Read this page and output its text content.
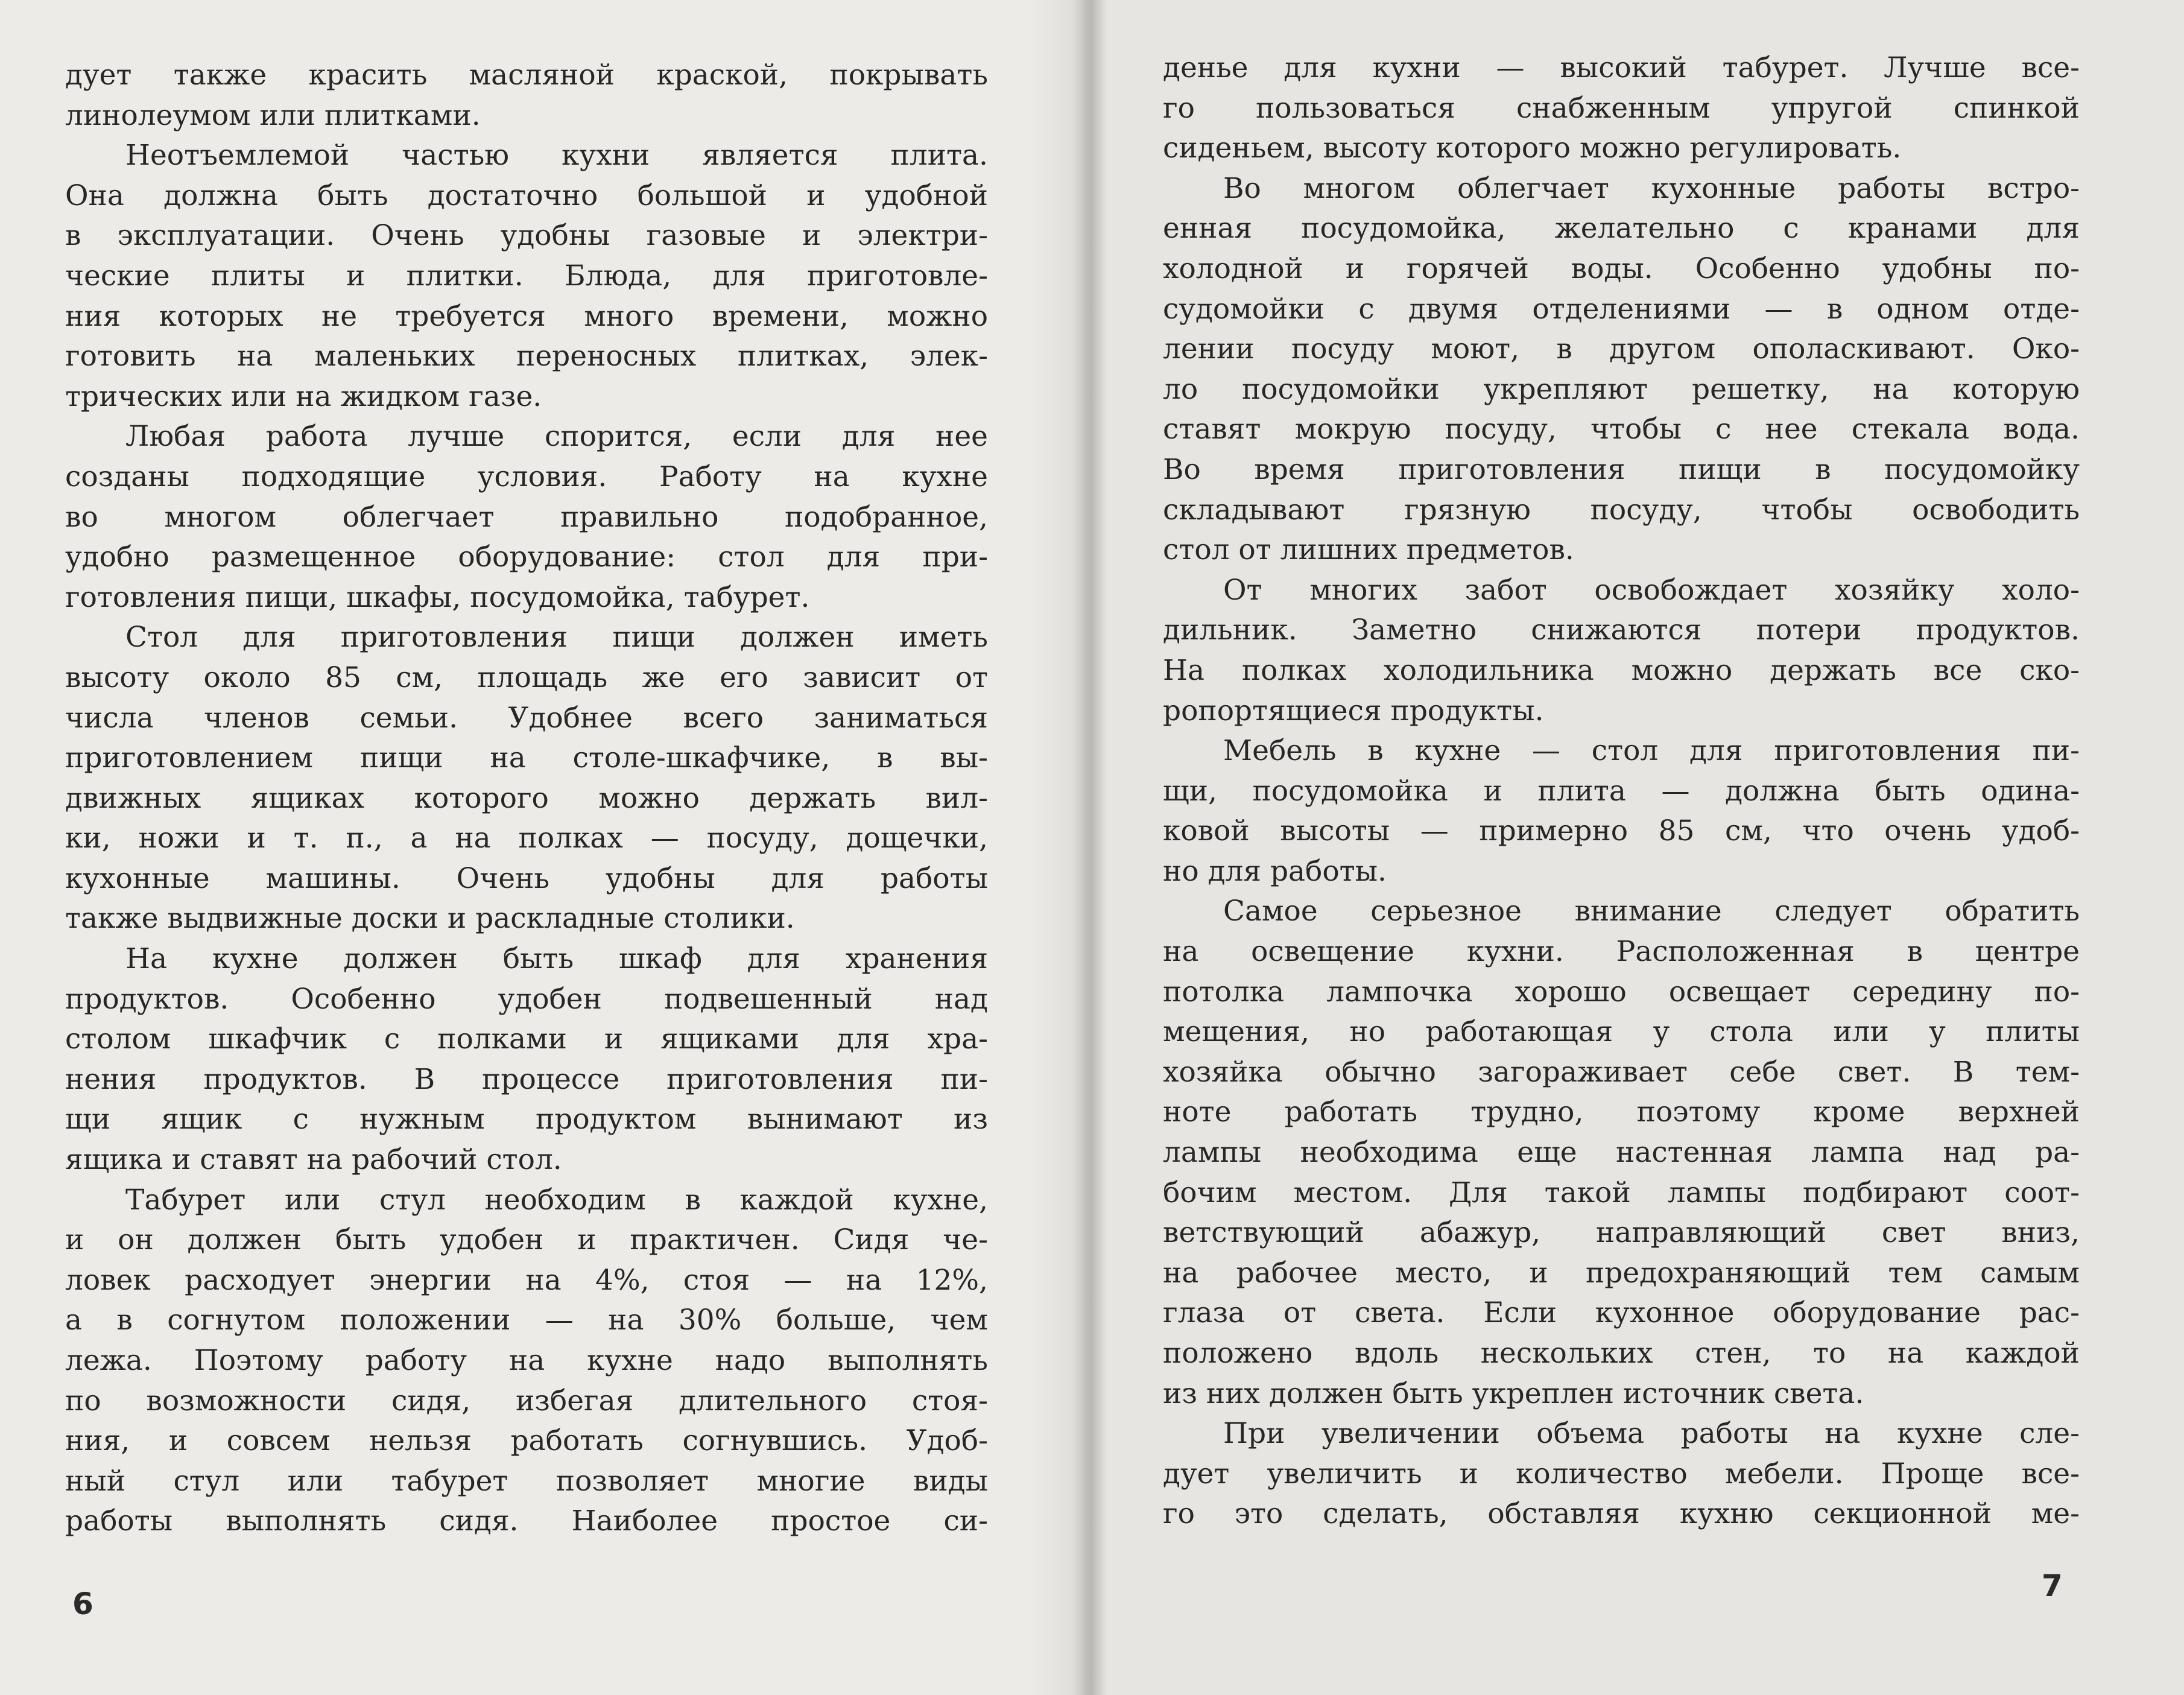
дует также красить масляной краской, покрывать
линолеумом или плитками.
Неотъемлемой частью кухни является плита.
Она должна быть достаточно большой и удобной
в эксплуатации. Очень удобны газовые и электри-
ческие плиты и плитки. Блюда, для приготовле-
ния которых не требуется много времени, можно
готовить на маленьких переносных плитках, элек-
трических или на жидком газе.
Любая работа лучше спорится, если для нее
созданы подходящие условия. Работу на кухне
во многом облегчает правильно подобранное,
удобно размещенное оборудование: стол для при-
готовления пищи, шкафы, посудомойка, табурет.
Стол для приготовления пищи должен иметь
высоту около 85 см, площадь же его зависит от
числа членов семьи. Удобнее всего заниматься
приготовлением пищи на столе-шкафчике, в вы-
движных ящиках которого можно держать вил-
ки, ножи и т. п., а на полках — посуду, дощечки,
кухонные машины. Очень удобны для работы
также выдвижные доски и раскладные столики.
На кухне должен быть шкаф для хранения
продуктов. Особенно удобен подвешенный над
столом шкафчик с полками и ящиками для хра-
нения продуктов. В процессе приготовления пи-
щи ящик с нужным продуктом вынимают из
ящика и ставят на рабочий стол.
Табурет или стул необходим в каждой кухне,
и он должен быть удобен и практичен. Сидя че-
ловек расходует энергии на 4%, стоя — на 12%,
а в согнутом положении — на 30% больше, чем
лежа. Поэтому работу на кухне надо выполнять
по возможности сидя, избегая длительного стоя-
ния, и совсем нельзя работать согнувшись. Удоб-
ный стул или табурет позволяет многие виды
работы выполнять сидя. Наиболее простое си-
6
денье для кухни — высокий табурет. Лучше все-
го пользоваться снабженным упругой спинкой
сиденьем, высоту которого можно регулировать.
Во многом облегчает кухонные работы встро-
енная посудомойка, желательно с кранами для
холодной и горячей воды. Особенно удобны по-
судомойки с двумя отделениями — в одном отде-
лении посуду моют, в другом ополаскивают. Око-
ло посудомойки укрепляют решетку, на которую
ставят мокрую посуду, чтобы с нее стекала вода.
Во время приготовления пищи в посудомойку
складывают грязную посуду, чтобы освободить
стол от лишних предметов.
От многих забот освобождает хозяйку холо-
дильник. Заметно снижаются потери продуктов.
На полках холодильника можно держать все ско-
ропортящиеся продукты.
Мебель в кухне — стол для приготовления пи-
щи, посудомойка и плита — должна быть одина-
ковой высоты — примерно 85 см, что очень удоб-
но для работы.
Самое серьезное внимание следует обратить
на освещение кухни. Расположенная в центре
потолка лампочка хорошо освещает середину по-
мещения, но работающая у стола или у плиты
хозяйка обычно загораживает себе свет. В тем-
ноте работать трудно, поэтому кроме верхней
лампы необходима еще настенная лампа над ра-
бочим местом. Для такой лампы подбирают соот-
ветствующий абажур, направляющий свет вниз,
на рабочее место, и предохраняющий тем самым
глаза от света. Если кухонное оборудование рас-
положено вдоль нескольких стен, то на каждой
из них должен быть укреплен источник света.
При увеличении объема работы на кухне сле-
дует увеличить и количество мебели. Проще все-
го это сделать, обставляя кухню секционной ме-
7
